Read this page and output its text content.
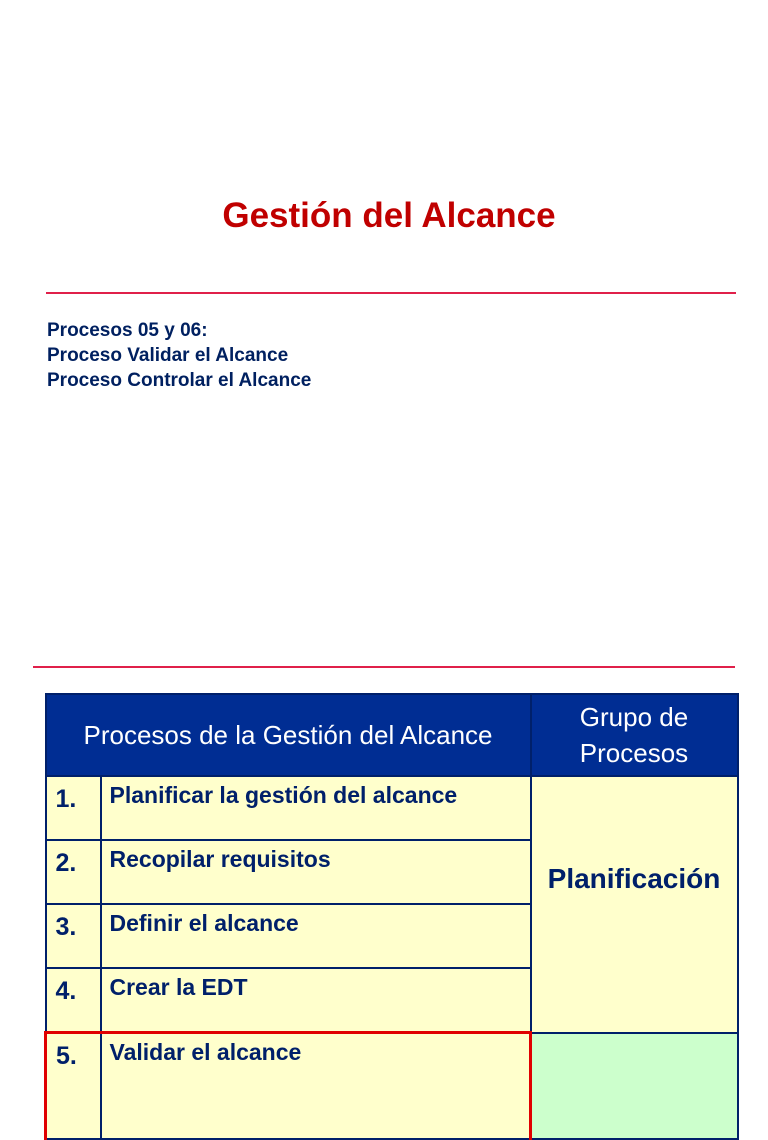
Gestión del Alcance
Procesos 05 y 06:
Proceso Validar el Alcance
Proceso Controlar el Alcance
Procesos de la Gestión del Alcance		Grupo de Procesos
1.	Planificar la gestión del alcance	Planificación
2.	Recopilar requisitos	
3.	Definir el alcance	
4.	Crear la EDT	
5.	Validar el alcance	
